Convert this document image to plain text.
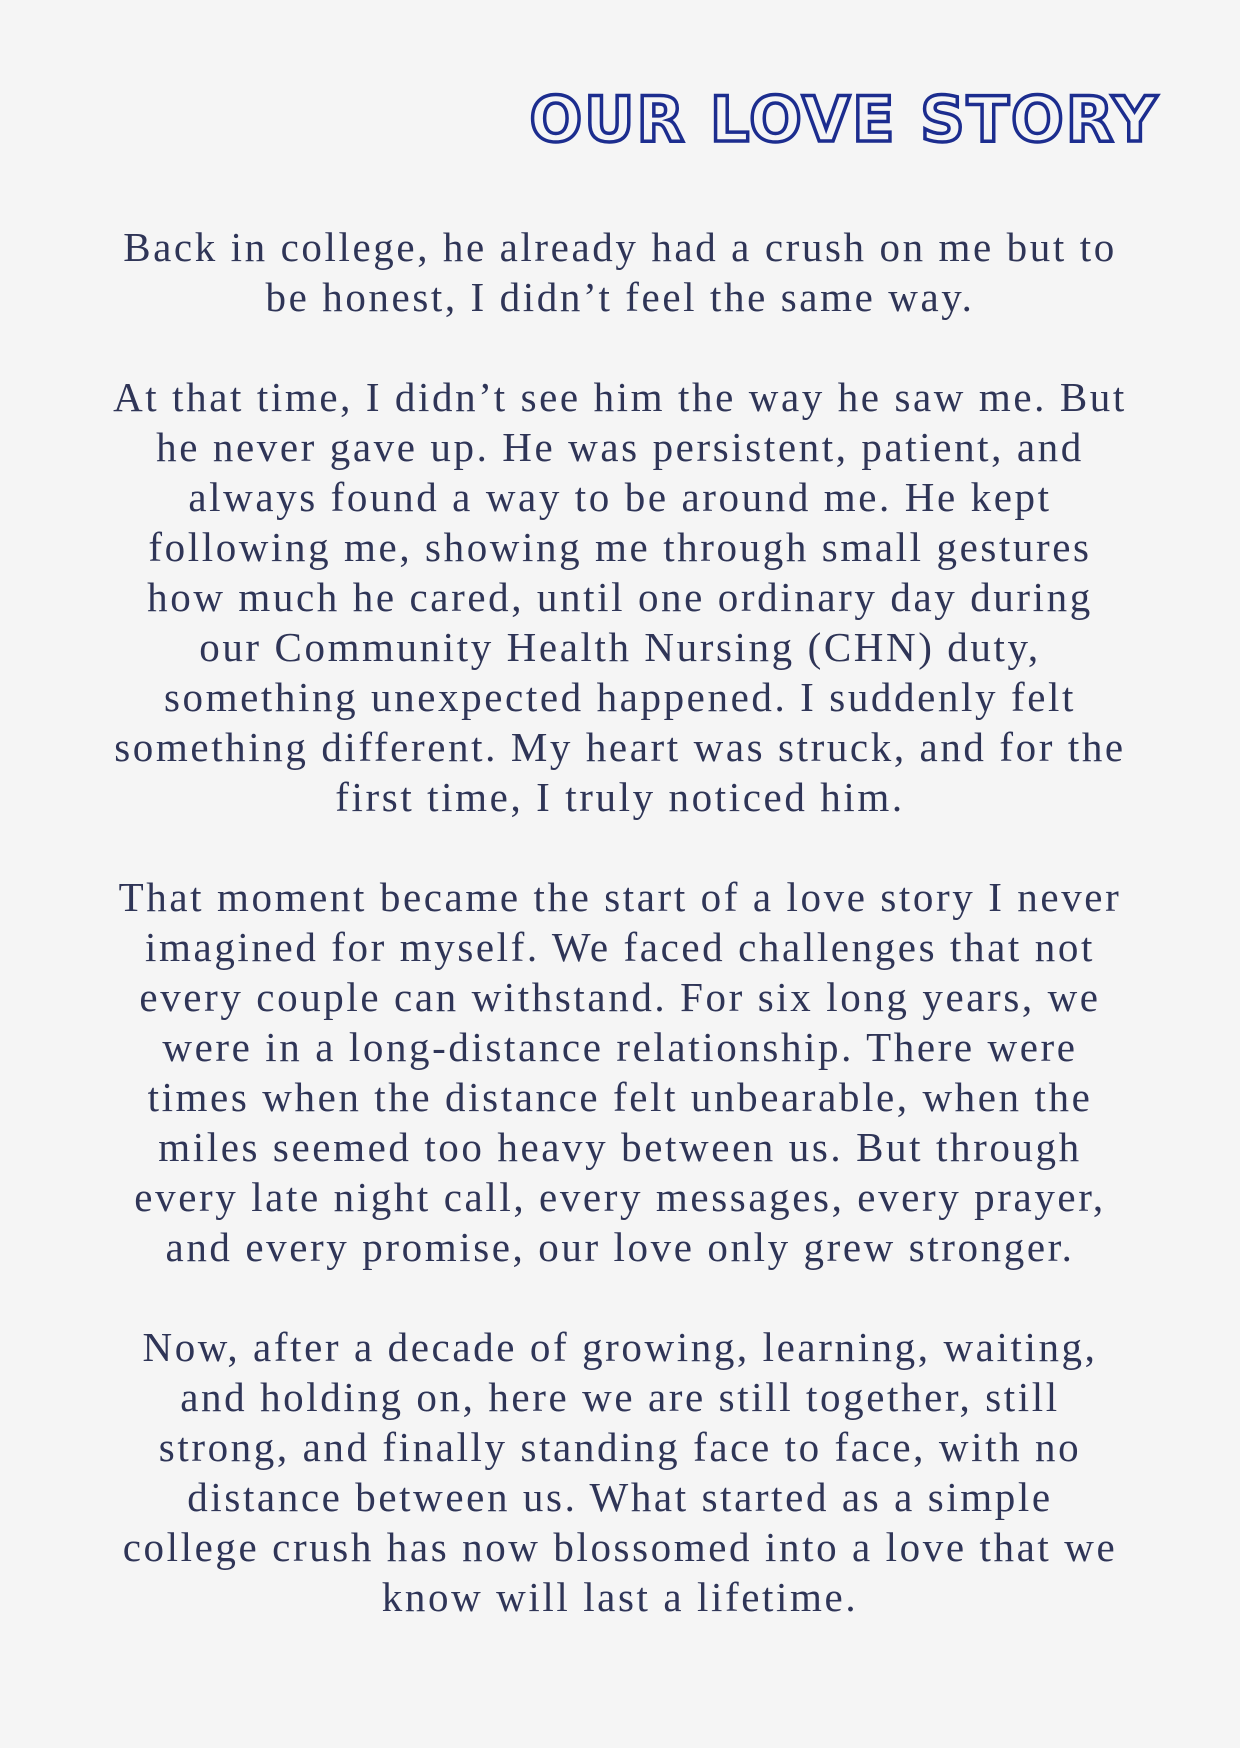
OUR LOVE STORY

Back in college, he already had a crush on me but to
be honest, I didn’t feel the same way.

At that time, I didn’t see him the way he saw me. But
he never gave up. He was persistent, patient, and
always found a way to be around me. He kept
following me, showing me through small gestures
how much he cared, until one ordinary day during
our Community Health Nursing (CHN) duty,
something unexpected happened. I suddenly felt
something different. My heart was struck, and for the
first time, I truly noticed him.

That moment became the start of a love story I never
imagined for myself. We faced challenges that not
every couple can withstand. For six long years, we
were in a long-distance relationship. There were
times when the distance felt unbearable, when the
miles seemed too heavy between us. But through
every late night call, every messages, every prayer,
and every promise, our love only grew stronger.

Now, after a decade of growing, learning, waiting,
and holding on, here we are still together, still
strong, and finally standing face to face, with no
distance between us. What started as a simple
college crush has now blossomed into a love that we
know will last a lifetime.
